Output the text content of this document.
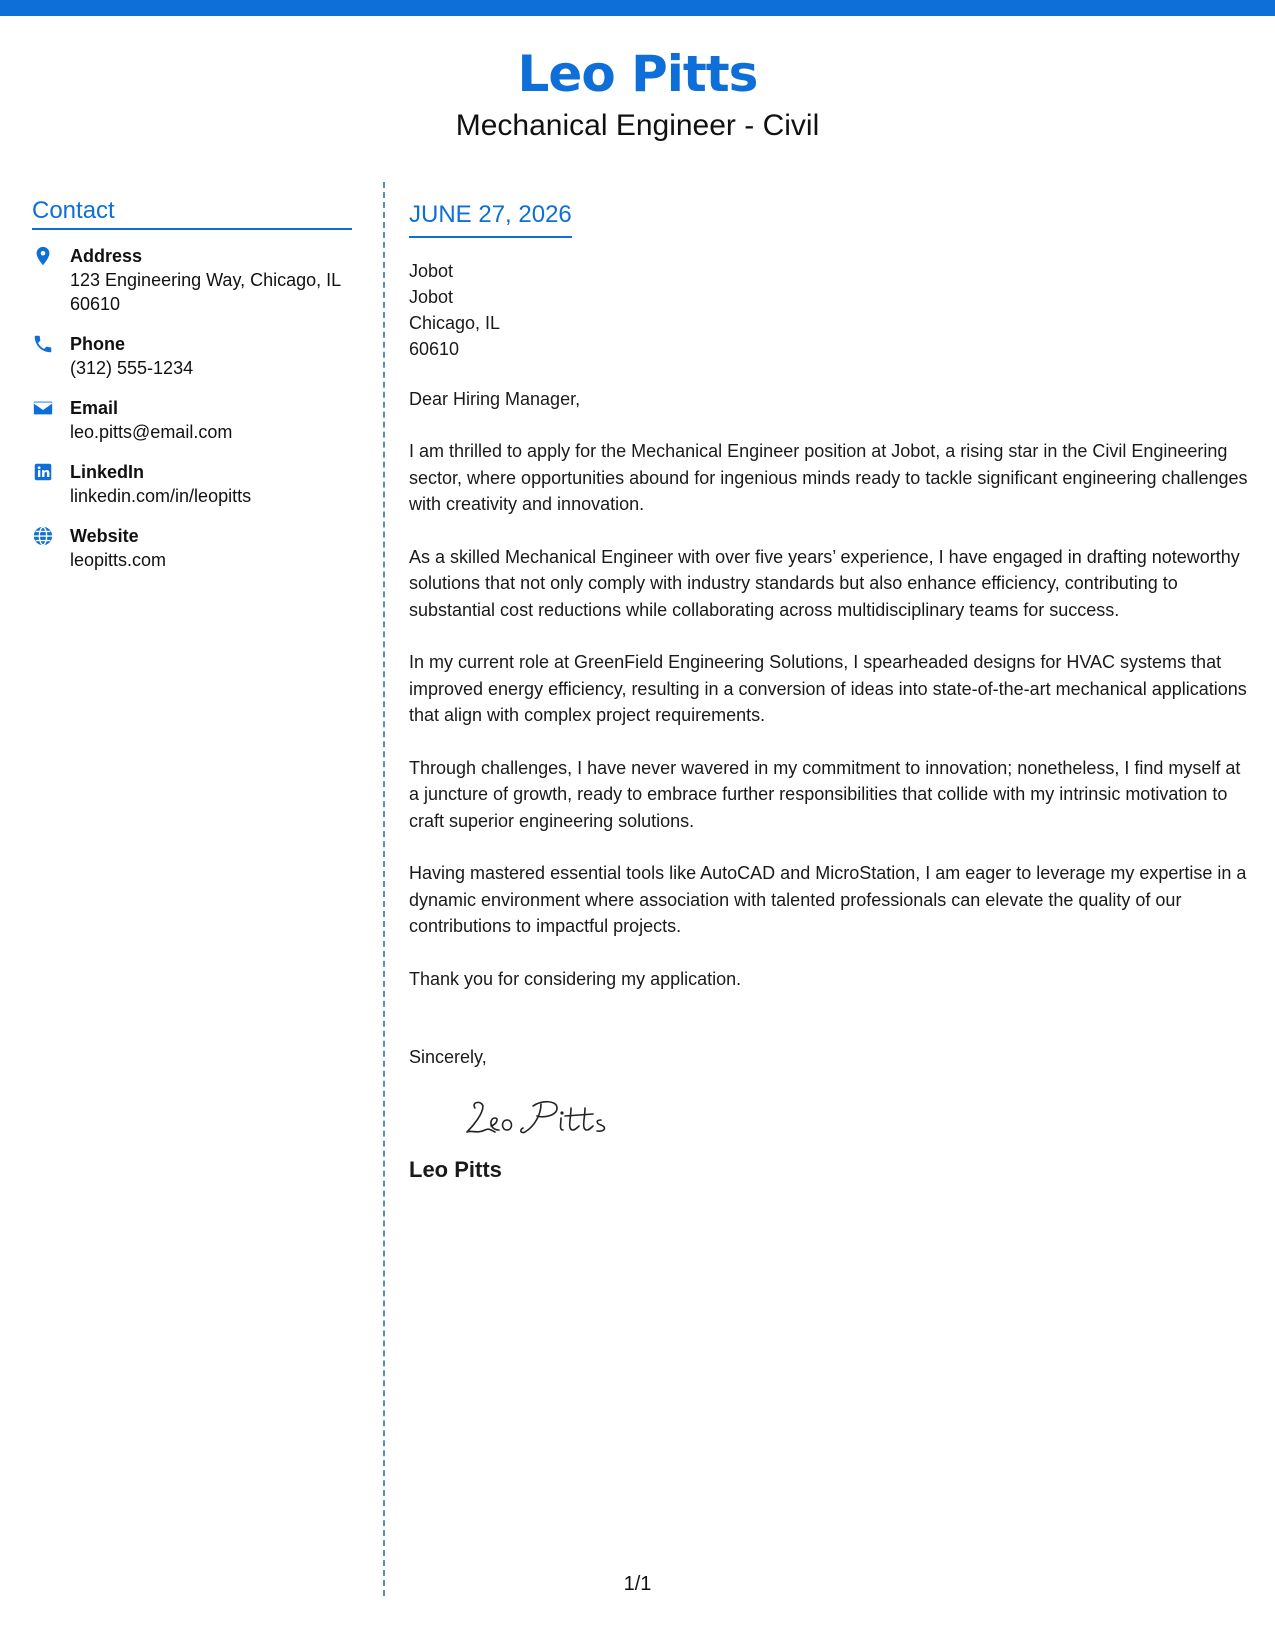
Leo Pitts
Mechanical Engineer - Civil
Contact
Address
123 Engineering Way, Chicago, IL 60610
Phone
(312) 555-1234
Email
leo.pitts@email.com
LinkedIn
linkedin.com/in/leopitts
Website
leopitts.com
JUNE 27, 2026
Jobot
Jobot
Chicago, IL
60610
Dear Hiring Manager,
I am thrilled to apply for the Mechanical Engineer position at Jobot, a rising star in the Civil Engineering sector, where opportunities abound for ingenious minds ready to tackle significant engineering challenges with creativity and innovation.
As a skilled Mechanical Engineer with over five years’ experience, I have engaged in drafting noteworthy solutions that not only comply with industry standards but also enhance efficiency, contributing to substantial cost reductions while collaborating across multidisciplinary teams for success.
In my current role at GreenField Engineering Solutions, I spearheaded designs for HVAC systems that improved energy efficiency, resulting in a conversion of ideas into state-of-the-art mechanical applications that align with complex project requirements.
Through challenges, I have never wavered in my commitment to innovation; nonetheless, I find myself at a juncture of growth, ready to embrace further responsibilities that collide with my intrinsic motivation to craft superior engineering solutions.
Having mastered essential tools like AutoCAD and MicroStation, I am eager to leverage my expertise in a dynamic environment where association with talented professionals can elevate the quality of our contributions to impactful projects.
Thank you for considering my application.
Sincerely,
Leo Pitts
1/1
